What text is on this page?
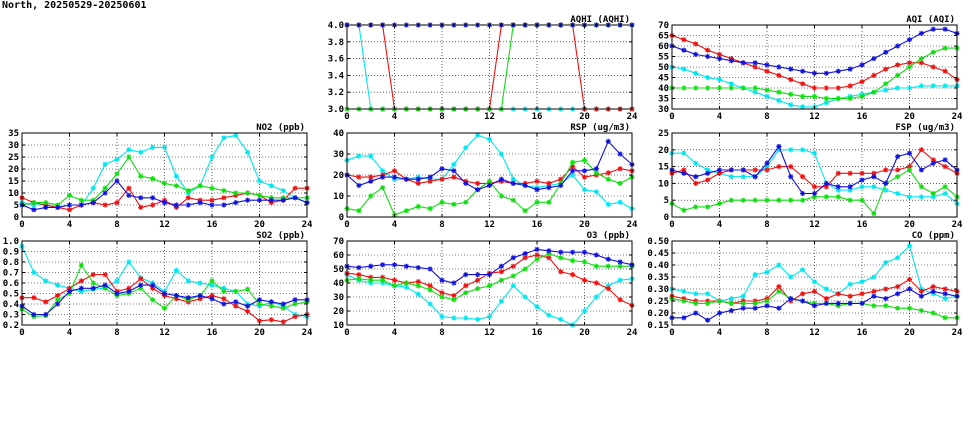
North, 20250529-20250601
0	4	8	12	16	20	24
3.0
3.2
3.4
3.6
3.8
4.0
AQHI (AQHI)
0	4	8	12	16	20	24
30
35
40
45
50
55
60
65
70
AQI (AQI)
0	4	8	12	16	20	24
0
5
10
15
20
25
30
35
NO2 (ppb)
0	4	8	12	16	20	24
0
10
20
30
40
RSP (ug/m3)
0	4	8	12	16	20	24
0
5
10
15
20
25
FSP (ug/m3)
0	4	8	12	16	20	24
0.2
0.3
0.4
0.5
0.6
0.7
0.8
0.9
1.0
SO2 (ppb)
0	4	8	12	16	20	24
10
20
30
40
50
60
70
O3 (ppb)
0	4	8	12	16	20	24
0.15
0.20
0.25
0.30
0.35
0.40
0.45
0.50
CO (ppm)
